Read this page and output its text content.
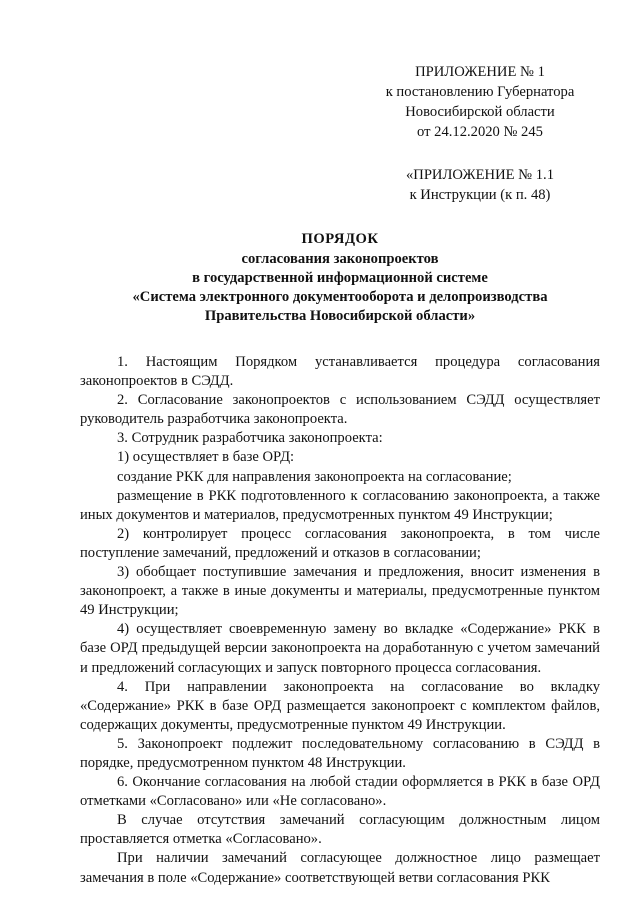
ПРИЛОЖЕНИЕ № 1
к постановлению Губернатора
Новосибирской области
от 24.12.2020 № 245
«ПРИЛОЖЕНИЕ № 1.1
к Инструкции (к п. 48)
ПОРЯДОК
согласования законопроектов
в государственной информационной системе
«Система электронного документооборота и делопроизводства
Правительства Новосибирской области»

1. Настоящим Порядком устанавливается процедура согласования законопроектов в СЭДД.

2. Согласование законопроектов с использованием СЭДД осуществляет руководитель разработчика законопроекта.

3. Сотрудник разработчика законопроекта:

1) осуществляет в базе ОРД:

создание РКК для направления законопроекта на согласование;

размещение в РКК подготовленного к согласованию законопроекта, а также иных документов и материалов, предусмотренных пунктом 49 Инструкции;

2) контролирует процесс согласования законопроекта, в том числе поступление замечаний, предложений и отказов в согласовании;

3) обобщает поступившие замечания и предложения, вносит изменения в законопроект, а также в иные документы и материалы, предусмотренные пунктом 49 Инструкции;

4) осуществляет своевременную замену во вкладке «Содержание» РКК в базе ОРД предыдущей версии законопроекта на доработанную с учетом замечаний и предложений согласующих и запуск повторного процесса согласования.

4. При направлении законопроекта на согласование во вкладку «Содержание» РКК в базе ОРД размещается законопроект с комплектом файлов, содержащих документы, предусмотренные пунктом 49 Инструкции.

5. Законопроект подлежит последовательному согласованию в СЭДД в порядке, предусмотренном пунктом 48 Инструкции.

6. Окончание согласования на любой стадии оформляется в РКК в базе ОРД отметками «Согласовано» или «Не согласовано».

В случае отсутствия замечаний согласующим должностным лицом проставляется отметка «Согласовано».

При наличии замечаний согласующее должностное лицо размещает замечания в поле «Содержание» соответствующей ветви согласования РКК
